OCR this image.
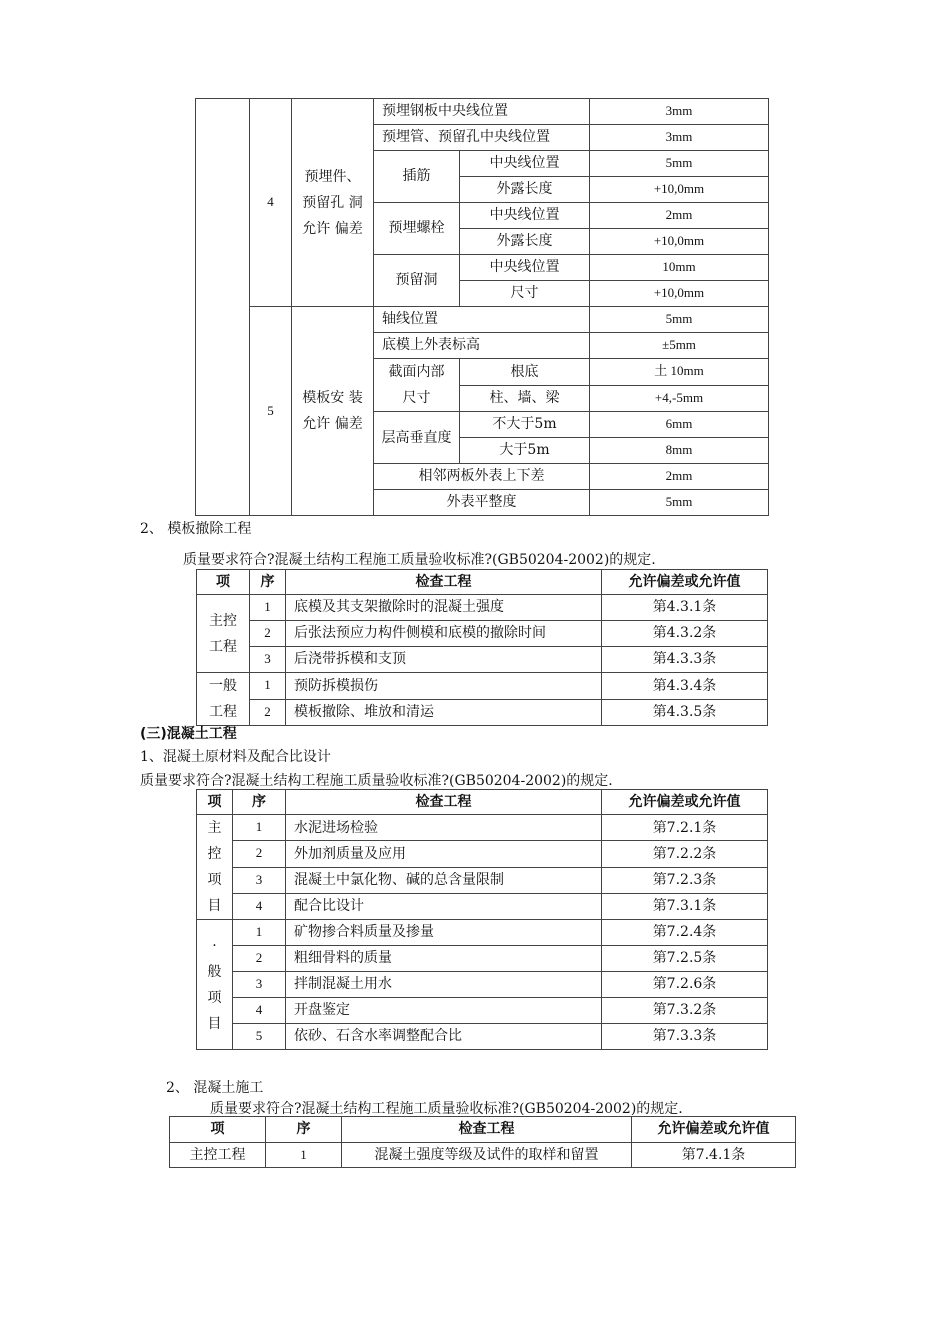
	4	预埋件、
预留孔 洞
允许 偏差	预埋钢板中央线位置		3mm
			预埋管、预留孔中央线位置		3mm
			插筋	中央线位置	5mm
				外露长度	+10,0mm
			预埋螺栓	中央线位置	2mm
				外露长度	+10,0mm
			预留洞	中央线位置	10mm
				尺寸	+10,0mm
	5	模板安 装
允许 偏差	轴线位置		5mm
			底模上外表标高		±5mm

			截面内部尺寸	根底	土 10mm
				柱、墙、梁	+4,-5mm

			层高垂直度	不大于5m	6mm
				大于5m	8mm
			相邻两板外表上下差		2mm
			外表平整度		5mm
2、 模板撤除工程
质量要求符合?混凝土结构工程施工质量验收标准?(GB50204-2002)的规定.
项	序	检查工程	允许偏差或允许值

主控工程	1	底模及其支架撤除时的混凝土强度	第4.3.1条
	2	后张法预应力构件侧模和底模的撤除时间	第4.3.2条
	3	后浇带拆模和支顶	第4.3.3条

一般工程	1	预防拆模损伤	第4.3.4条
	2	模板撤除、堆放和清运	第4.3.5条
(三)混凝土工程
1、混凝土原材料及配合比设计
质量要求符合?混凝土结构工程施工质量验收标准?(GB50204-2002)的规定.
项	序	检查工程	允许偏差或允许值

主控项目	1	水泥进场检验	第7.2.1条
	2	外加剂质量及应用	第7.2.2条
	3	混凝土中氯化物、碱的总含量限制	第7.2.3条
	4	配合比设计	第7.3.1条

·般项目	1	矿物掺合料质量及掺量	第7.2.4条
	2	粗细骨料的质量	第7.2.5条
	3	拌制混凝土用水	第7.2.6条
	4	开盘鉴定	第7.3.2条
	5	依砂、石含水率调整配合比	第7.3.3条
2、 混凝土施工
质量要求符合?混凝土结构工程施工质量验收标准?(GB50204-2002)的规定.
项	序	检查工程	允许偏差或允许值
主控工程	1	混凝土强度等级及试件的取样和留置	第7.4.1条
